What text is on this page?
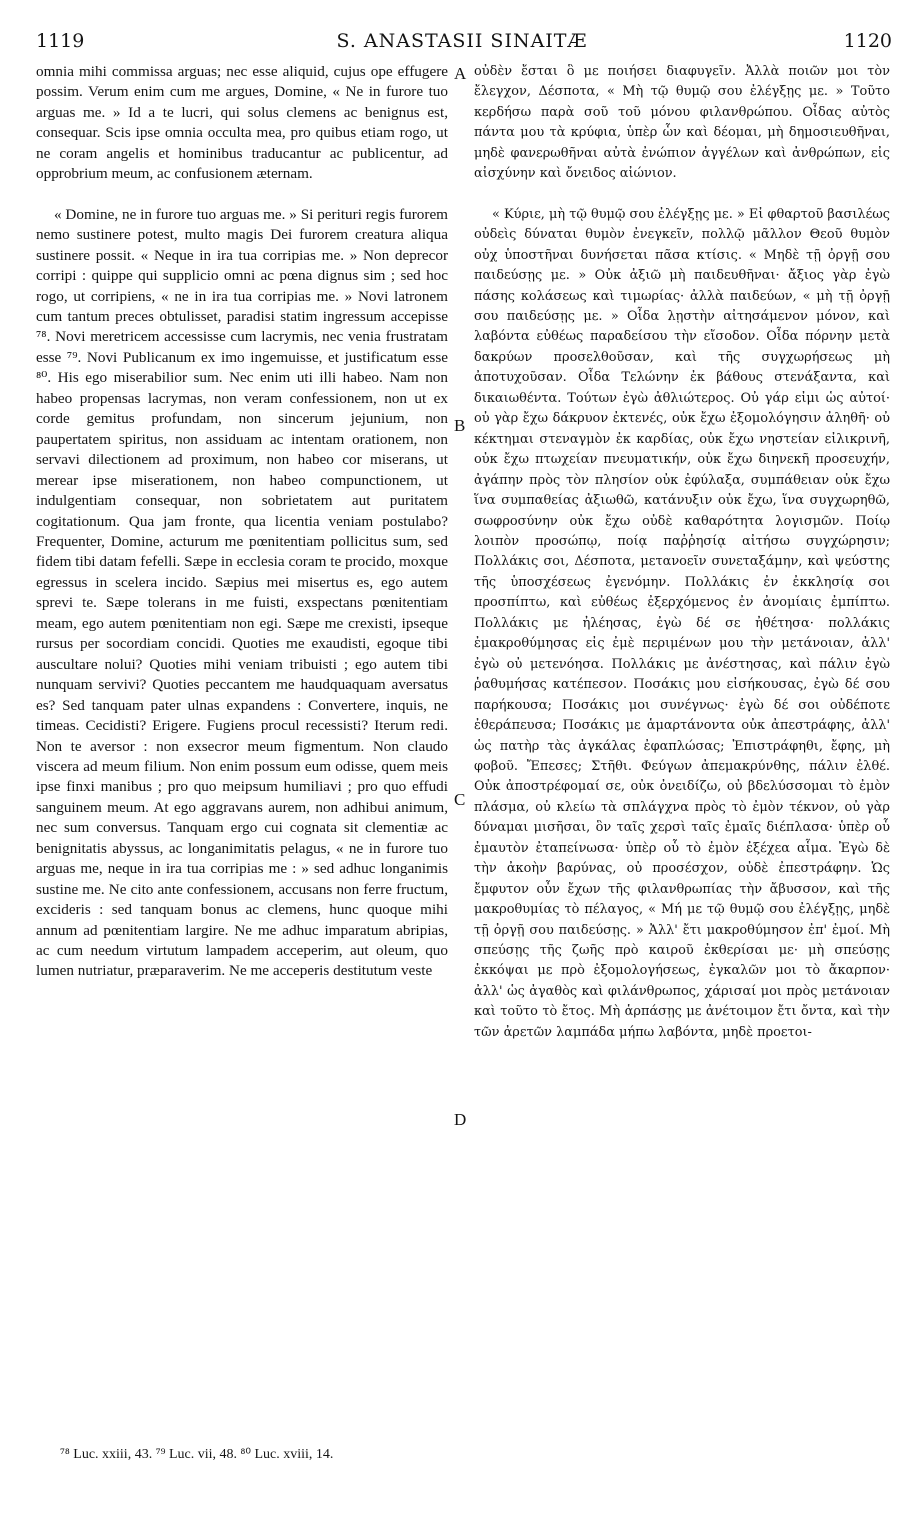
S. ANASTASII SINAITÆ
1119	1120

omnia mihi commissa arguas; nec esse aliquid, cujus ope effugere possim. Verum enim cum me argues, Domine, « Ne in furore tuo arguas me. » Id a te lucri, qui solus clemens ac benignus est, consequar. Scis ipse omnia occulta mea, pro quibus etiam rogo, ut ne coram angelis et hominibus traducantur ac publicentur, ad opprobrium meum, ac confusionem æternam.

« Domine, ne in furore tuo arguas me. » Si perituri regis furorem nemo sustinere potest, multo magis Dei furorem creatura aliqua sustinere possit. « Neque in ira tua corripias me. » Non deprecor corripi : quippe qui supplicio omni ac pœna dignus sim ; sed hoc rogo, ut corripiens, « ne in ira tua corripias me. » Novi latronem cum tantum preces obtulisset, paradisi statim ingressum accepisse ⁷⁸. Novi meretricem accessisse cum lacrymis, nec venia frustratam esse ⁷⁹. Novi Publicanum ex imo ingemuisse, et justificatum esse ⁸⁰. His ego miserabilior sum. Nec enim uti illi habeo. Nam non habeo propensas lacrymas, non veram confessionem, non ut ex corde gemitus profundam, non sincerum jejunium, non paupertatem spiritus, non assiduam ac intentam orationem, non servavi dilectionem ad proximum, non habeo cor miserans, ut merear ipse miserationem, non habeo compunctionem, ut indulgentiam consequar, non sobrietatem aut puritatem cogitationum. Qua jam fronte, qua licentia veniam postulabo? Frequenter, Domine, acturum me pœnitentiam pollicitus sum, sed fidem tibi datam fefelli. Sæpe in ecclesia coram te procido, moxque egressus in scelera incido. Sæpius mei misertus es, ego autem sprevi te. Sæpe tolerans in me fuisti, exspectans pœnitentiam meam, ego autem pœnitentiam non egi. Sæpe me crexisti, ipseque rursus per socordiam concidi. Quoties me exaudisti, egoque tibi auscultare nolui? Quoties mihi veniam tribuisti ; ego autem tibi nunquam servivi? Quoties peccantem me haudquaquam aversatus es? Sed tanquam pater ulnas expandens : Convertere, inquis, ne timeas. Cecidisti? Erigere. Fugiens procul recessisti? Iterum redi. Non te aversor : non exsecror meum figmentum. Non claudo viscera ad meum filium. Non enim possum eum odisse, quem meis ipse finxi manibus ; pro quo meipsum humiliavi ; pro quo effudi sanguinem meum. At ego aggravans aurem, non adhibui animum, nec sum conversus. Tanquam ergo cui cognata sit clementiæ ac benignitatis abyssus, ac longanimitatis pelagus, « ne in furore tuo arguas me, neque in ira tua corripias me : » sed adhuc longanimis sustine me. Ne cito ante confessionem, accusans non ferre fructum, excideris : sed tanquam bonus ac clemens, hunc quoque mihi annum ad pœnitentiam largire. Ne me adhuc imparatum abripias, ac cum needum virtutum lampadem acceperim, aut oleum, quo lumen nutriatur, præparaverim. Ne me acceperis destitutum veste

οὐδὲν ἔσται ὃ με ποιήσει διαφυγεῖν. Ἀλλὰ ποιῶν μοι τὸν ἔλεγχον, Δέσποτα, « Μὴ τῷ θυμῷ σου ἐλέγξῃς με. » Τοῦτο κερδήσω παρὰ σοῦ τοῦ μόνου φιλανθρώπου. Οἶδας αὐτὸς πάντα μου τὰ κρύφια, ὑπὲρ ὧν καὶ δέομαι, μὴ δημοσιευθῆναι, μηδὲ φανερωθῆναι αὐτὰ ἐνώπιον ἀγγέλων καὶ ἀνθρώπων, εἰς αἰσχύνην καὶ ὄνειδος αἰώνιον.

« Κύριε, μὴ τῷ θυμῷ σου ἐλέγξῃς με. » Εἰ φθαρτοῦ βασιλέως οὐδεὶς δύναται θυμὸν ἐνεγκεῖν, πολλῷ μᾶλλον Θεοῦ θυμὸν οὐχ ὑποστῆναι δυνήσεται πᾶσα κτίσις. « Μηδὲ τῇ ὀργῇ σου παιδεύσῃς με. » Οὐκ ἀξιῶ μὴ παιδευθῆναι· ἄξιος γὰρ ἐγὼ πάσης κολάσεως καὶ τιμωρίας· ἀλλὰ παιδεύων, « μὴ τῇ ὀργῇ σου παιδεύσῃς με. » Οἶδα λῃστὴν αἰτησάμενον μόνον, καὶ λαβόντα εὐθέως παραδείσου τὴν εἴσοδον. Οἶδα πόρνην μετὰ δακρύων προσελθοῦσαν, καὶ τῆς συγχωρήσεως μὴ ἀποτυχοῦσαν. Οἶδα Τελώνην ἐκ βάθους στενάξαντα, καὶ δικαιωθέντα. Τούτων ἐγὼ ἀθλιώτερος. Οὐ γάρ εἰμι ὡς αὐτοί· οὐ γὰρ ἔχω δάκρυον ἐκτενές, οὐκ ἔχω ἐξομολόγησιν ἀληθῆ· οὐ κέκτημαι στεναγμὸν ἐκ καρδίας, οὐκ ἔχω νηστείαν εἰλικρινῆ, οὐκ ἔχω πτωχείαν πνευματικήν, οὐκ ἔχω διηνεκῆ προσευχήν, ἀγάπην πρὸς τὸν πλησίον οὐκ ἐφύλαξα, συμπάθειαν οὐκ ἔχω ἵνα συμπαθείας ἀξιωθῶ, κατάνυξιν οὐκ ἔχω, ἵνα συγχωρηθῶ, σωφροσύνην οὐκ ἔχω οὐδὲ καθαρότητα λογισμῶν. Ποίῳ λοιπὸν προσώπῳ, ποίᾳ παῤῥησίᾳ αἰτήσω συγχώρησιν; Πολλάκις σοι, Δέσποτα, μετανοεῖν συνεταξάμην, καὶ ψεύστης τῆς ὑποσχέσεως ἐγενόμην. Πολλάκις ἐν ἐκκλησίᾳ σοι προσπίπτω, καὶ εὐθέως ἐξερχόμενος ἐν ἀνομίαις ἐμπίπτω. Πολλάκις με ἠλέησας, ἐγὼ δέ σε ἠθέτησα· πολλάκις ἐμακροθύμησας εἰς ἐμὲ περιμένων μου τὴν μετάνοιαν, ἀλλ' ἐγὼ οὐ μετενόησα. Πολλάκις με ἀνέστησας, καὶ πάλιν ἐγὼ ῥαθυμήσας κατέπεσον. Ποσάκις μου εἰσήκουσας, ἐγὼ δέ σου παρήκουσα; Ποσάκις μοι συνέγνως· ἐγὼ δέ σοι οὐδέποτε ἐθεράπευσα; Ποσάκις με ἁμαρτάνοντα οὐκ ἀπεστράφης, ἀλλ' ὡς πατὴρ τὰς ἀγκάλας ἐφαπλώσας; Ἐπιστράφηθι, ἔφης, μὴ φοβοῦ. Ἔπεσες; Στῆθι. Φεύγων ἀπεμακρύνθης, πάλιν ἐλθέ. Οὐκ ἀποστρέφομαί σε, οὐκ ὀνειδίζω, οὐ βδελύσσομαι τὸ ἐμὸν πλάσμα, οὐ κλείω τὰ σπλάγχνα πρὸς τὸ ἐμὸν τέκνον, οὐ γὰρ δύναμαι μισῆσαι, ὃν ταῖς χερσὶ ταῖς ἐμαῖς διέπλασα· ὑπὲρ οὗ ἐμαυτὸν ἐταπείνωσα· ὑπὲρ οὗ τὸ ἐμὸν ἐξέχεα αἷμα. Ἐγὼ δὲ τὴν ἀκοὴν βαρύνας, οὐ προσέσχον, οὐδὲ ἐπεστράφην. Ὡς ἔμφυτον οὖν ἔχων τῆς φιλανθρωπίας τὴν ἄβυσσον, καὶ τῆς μακροθυμίας τὸ πέλαγος, « Μή με τῷ θυμῷ σου ἐλέγξῃς, μηδὲ τῇ ὀργῇ σου παιδεύσῃς. » Ἀλλ' ἔτι μακροθύμησον ἐπ' ἐμοί. Μὴ σπεύσῃς τῆς ζωῆς πρὸ καιροῦ ἐκθερίσαι με· μὴ σπεύσῃς ἐκκόψαι με πρὸ ἐξομολογήσεως, ἐγκαλῶν μοι τὸ ἄκαρπον· ἀλλ' ὡς ἀγαθὸς καὶ φιλάνθρωπος, χάρισαί μοι πρὸς μετάνοιαν καὶ τοῦτο τὸ ἔτος. Μὴ ἁρπάσῃς με ἀνέτοιμον ἔτι ὄντα, καὶ τὴν τῶν ἀρετῶν λαμπάδα μήπω λαβόντα, μηδὲ προετοι-

A
B
C
D
⁷⁸ Luc. xxiii, 43. ⁷⁹ Luc. vii, 48. ⁸⁰ Luc. xviii, 14.
